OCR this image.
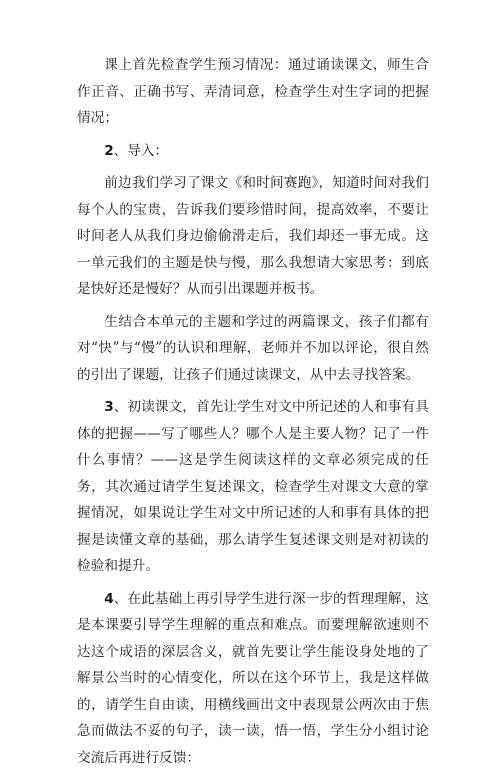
课上首先检查学生预习情况：通过诵读课文，师生合作正音、正确书写、弄清词意，检查学生对生字词的把握情况；

2、导入：

前边我们学习了课文《和时间赛跑》，知道时间对我们每个人的宝贵，告诉我们要珍惜时间，提高效率，不要让时间老人从我们身边偷偷滑走后，我们却还一事无成。这一单元我们的主题是快与慢，那么我想请大家思考：到底是快好还是慢好？从而引出课题并板书。

生结合本单元的主题和学过的两篇课文，孩子们都有对“快”与“慢”的认识和理解，老师并不加以评论，很自然的引出了课题，让孩子们通过读课文，从中去寻找答案。

3、初读课文，首先让学生对文中所记述的人和事有具体的把握——写了哪些人？哪个人是主要人物？记了一件什么事情？——这是学生阅读这样的文章必须完成的任务，其次通过请学生复述课文，检查学生对课文大意的掌握情况，如果说让学生对文中所记述的人和事有具体的把握是读懂文章的基础，那么请学生复述课文则是对初读的检验和提升。

4、在此基础上再引导学生进行深一步的哲理理解，这是本课要引导学生理解的重点和难点。而要理解欲速则不达这个成语的深层含义，就首先要让学生能设身处地的了解景公当时的心情变化，所以在这个环节上，我是这样做的，请学生自由读，用横线画出文中表现景公两次由于焦急而做法不妥的句子，读一读，悟一悟，学生分小组讨论交流后再进行反馈：
